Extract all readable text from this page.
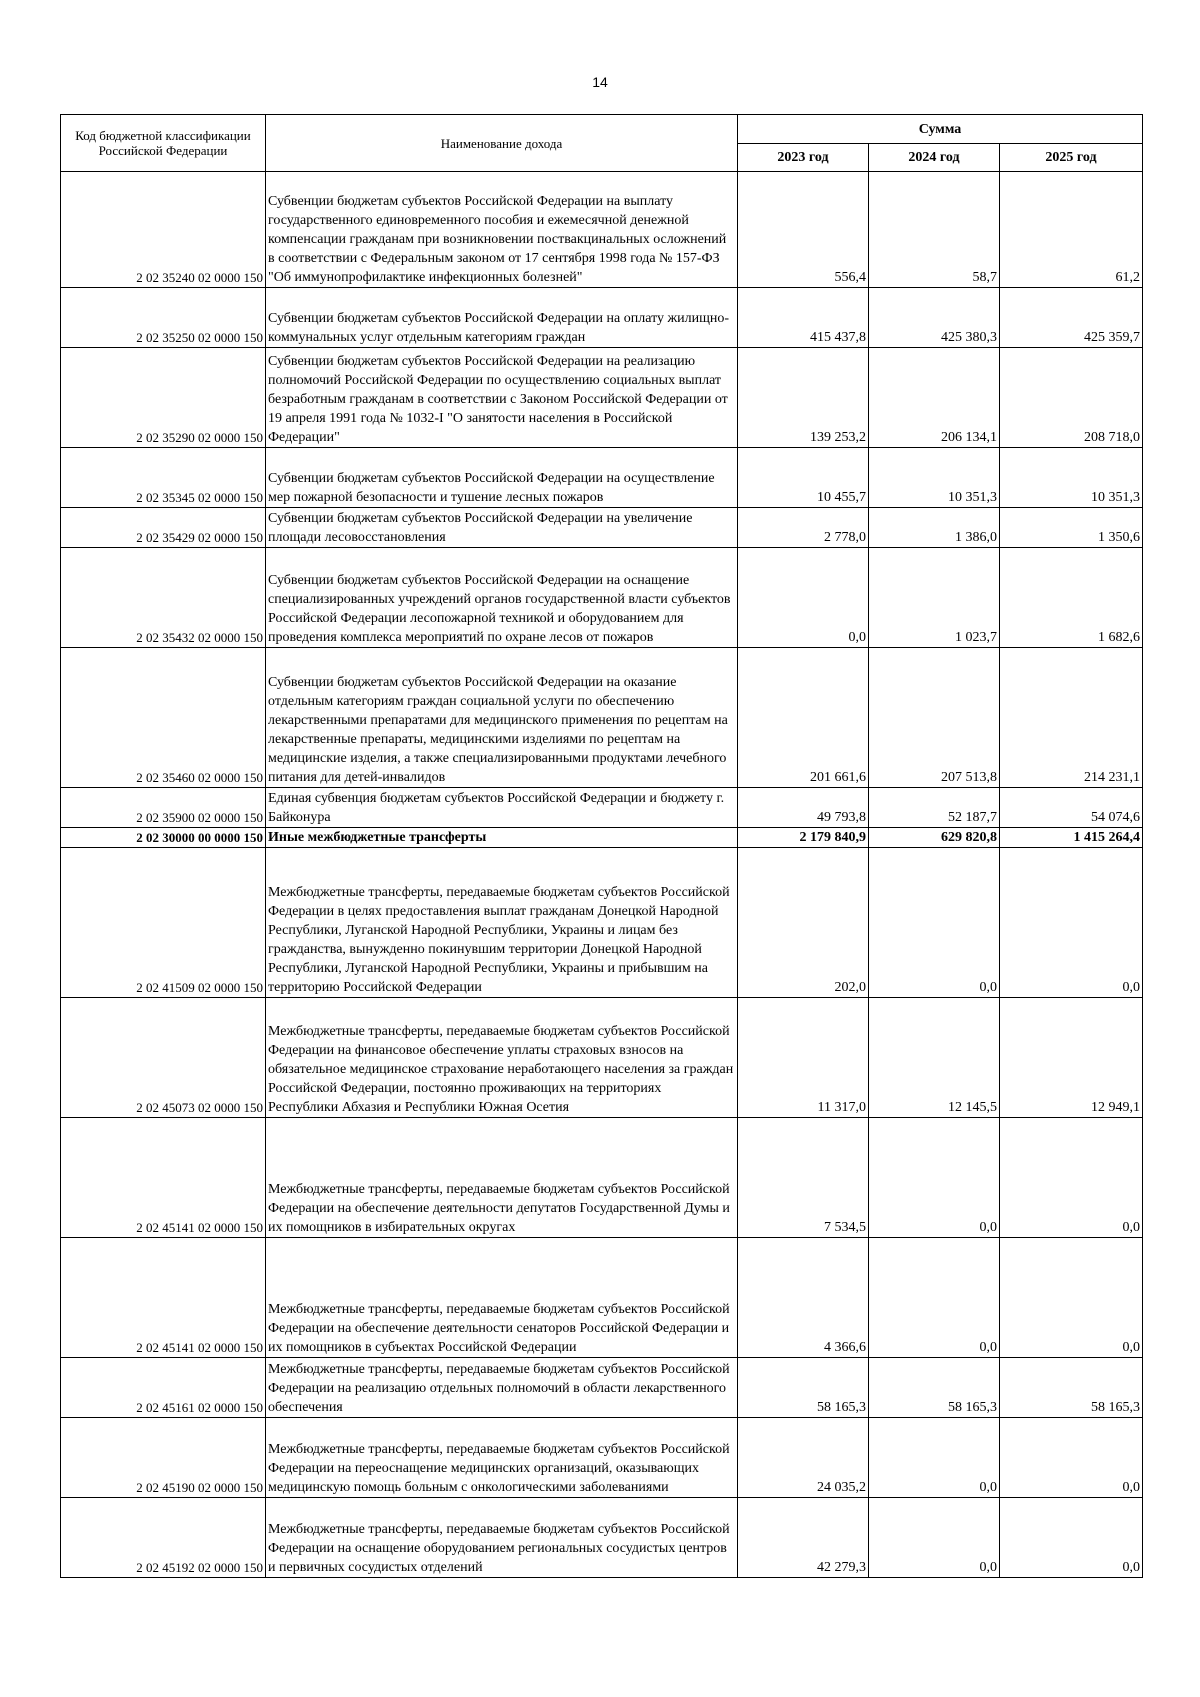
14
Код бюджетной классификации Российской Федерации	Наименование дохода	Сумма		
		2023 год	2024 год	2025 год
2 02 35240 02 0000 150	Субвенции бюджетам субъектов Российской Федерации на выплату государственного единовременного пособия и ежемесячной денежной компенсации гражданам при возникновении поствакцинальных осложнений в соответствии с Федеральным законом от 17 сентября 1998 года № 157-ФЗ "Об иммунопрофилактике инфекционных болезней"	556,4	58,7	61,2
2 02 35250 02 0000 150	Субвенции бюджетам субъектов Российской Федерации на оплату жилищно-коммунальных услуг отдельным категориям граждан	415 437,8	425 380,3	425 359,7
2 02 35290 02 0000 150	Субвенции бюджетам субъектов Российской Федерации на реализацию полномочий Российской Федерации по осуществлению социальных выплат безработным гражданам в соответствии с Законом Российской Федерации от 19 апреля 1991 года № 1032-I "О занятости населения в Российской Федерации"	139 253,2	206 134,1	208 718,0
2 02 35345 02 0000 150	Субвенции бюджетам субъектов Российской Федерации на осуществление мер пожарной безопасности и тушение лесных пожаров	10 455,7	10 351,3	10 351,3
2 02 35429 02 0000 150	Субвенции бюджетам субъектов Российской Федерации на увеличение площади лесовосстановления	2 778,0	1 386,0	1 350,6
2 02 35432 02 0000 150	Субвенции бюджетам субъектов Российской Федерации на оснащение специализированных учреждений органов государственной власти субъектов Российской Федерации лесопожарной техникой и оборудованием для проведения комплекса мероприятий по охране лесов от пожаров	0,0	1 023,7	1 682,6
2 02 35460 02 0000 150	Субвенции бюджетам субъектов Российской Федерации на оказание отдельным категориям граждан социальной услуги по обеспечению лекарственными препаратами для медицинского применения по рецептам на лекарственные препараты, медицинскими изделиями по рецептам на медицинские изделия, а также специализированными продуктами лечебного питания для детей-инвалидов	201 661,6	207 513,8	214 231,1
2 02 35900 02 0000 150	Единая субвенция бюджетам субъектов Российской Федерации и бюджету г. Байконура	49 793,8	52 187,7	54 074,6
2 02 30000 00 0000 150	Иные межбюджетные трансферты	2 179 840,9	629 820,8	1 415 264,4
2 02 41509 02 0000 150	Межбюджетные трансферты, передаваемые бюджетам субъектов Российской Федерации в целях предоставления выплат гражданам Донецкой Народной Республики, Луганской Народной Республики, Украины и лицам без гражданства, вынужденно покинувшим территории Донецкой Народной Республики, Луганской Народной Республики, Украины и прибывшим на территорию Российской Федерации	202,0	0,0	0,0
2 02 45073 02 0000 150	Межбюджетные трансферты, передаваемые бюджетам субъектов Российской Федерации на финансовое обеспечение уплаты страховых взносов на обязательное медицинское страхование неработающего населения за граждан Российской Федерации, постоянно проживающих на территориях Республики Абхазия и Республики Южная Осетия	11 317,0	12 145,5	12 949,1
2 02 45141 02 0000 150	Межбюджетные трансферты, передаваемые бюджетам субъектов Российской Федерации на обеспечение деятельности депутатов Государственной Думы и их помощников в избирательных округах	7 534,5	0,0	0,0
2 02 45141 02 0000 150	Межбюджетные трансферты, передаваемые бюджетам субъектов Российской Федерации на обеспечение деятельности сенаторов Российской Федерации и их помощников в субъектах Российской Федерации	4 366,6	0,0	0,0
2 02 45161 02 0000 150	Межбюджетные трансферты, передаваемые бюджетам субъектов Российской Федерации на реализацию отдельных полномочий в области лекарственного обеспечения	58 165,3	58 165,3	58 165,3
2 02 45190 02 0000 150	Межбюджетные трансферты, передаваемые бюджетам субъектов Российской Федерации на переоснащение медицинских организаций, оказывающих медицинскую помощь больным с онкологическими заболеваниями	24 035,2	0,0	0,0
2 02 45192 02 0000 150	Межбюджетные трансферты, передаваемые бюджетам субъектов Российской Федерации на оснащение оборудованием региональных сосудистых центров и первичных сосудистых отделений	42 279,3	0,0	0,0
